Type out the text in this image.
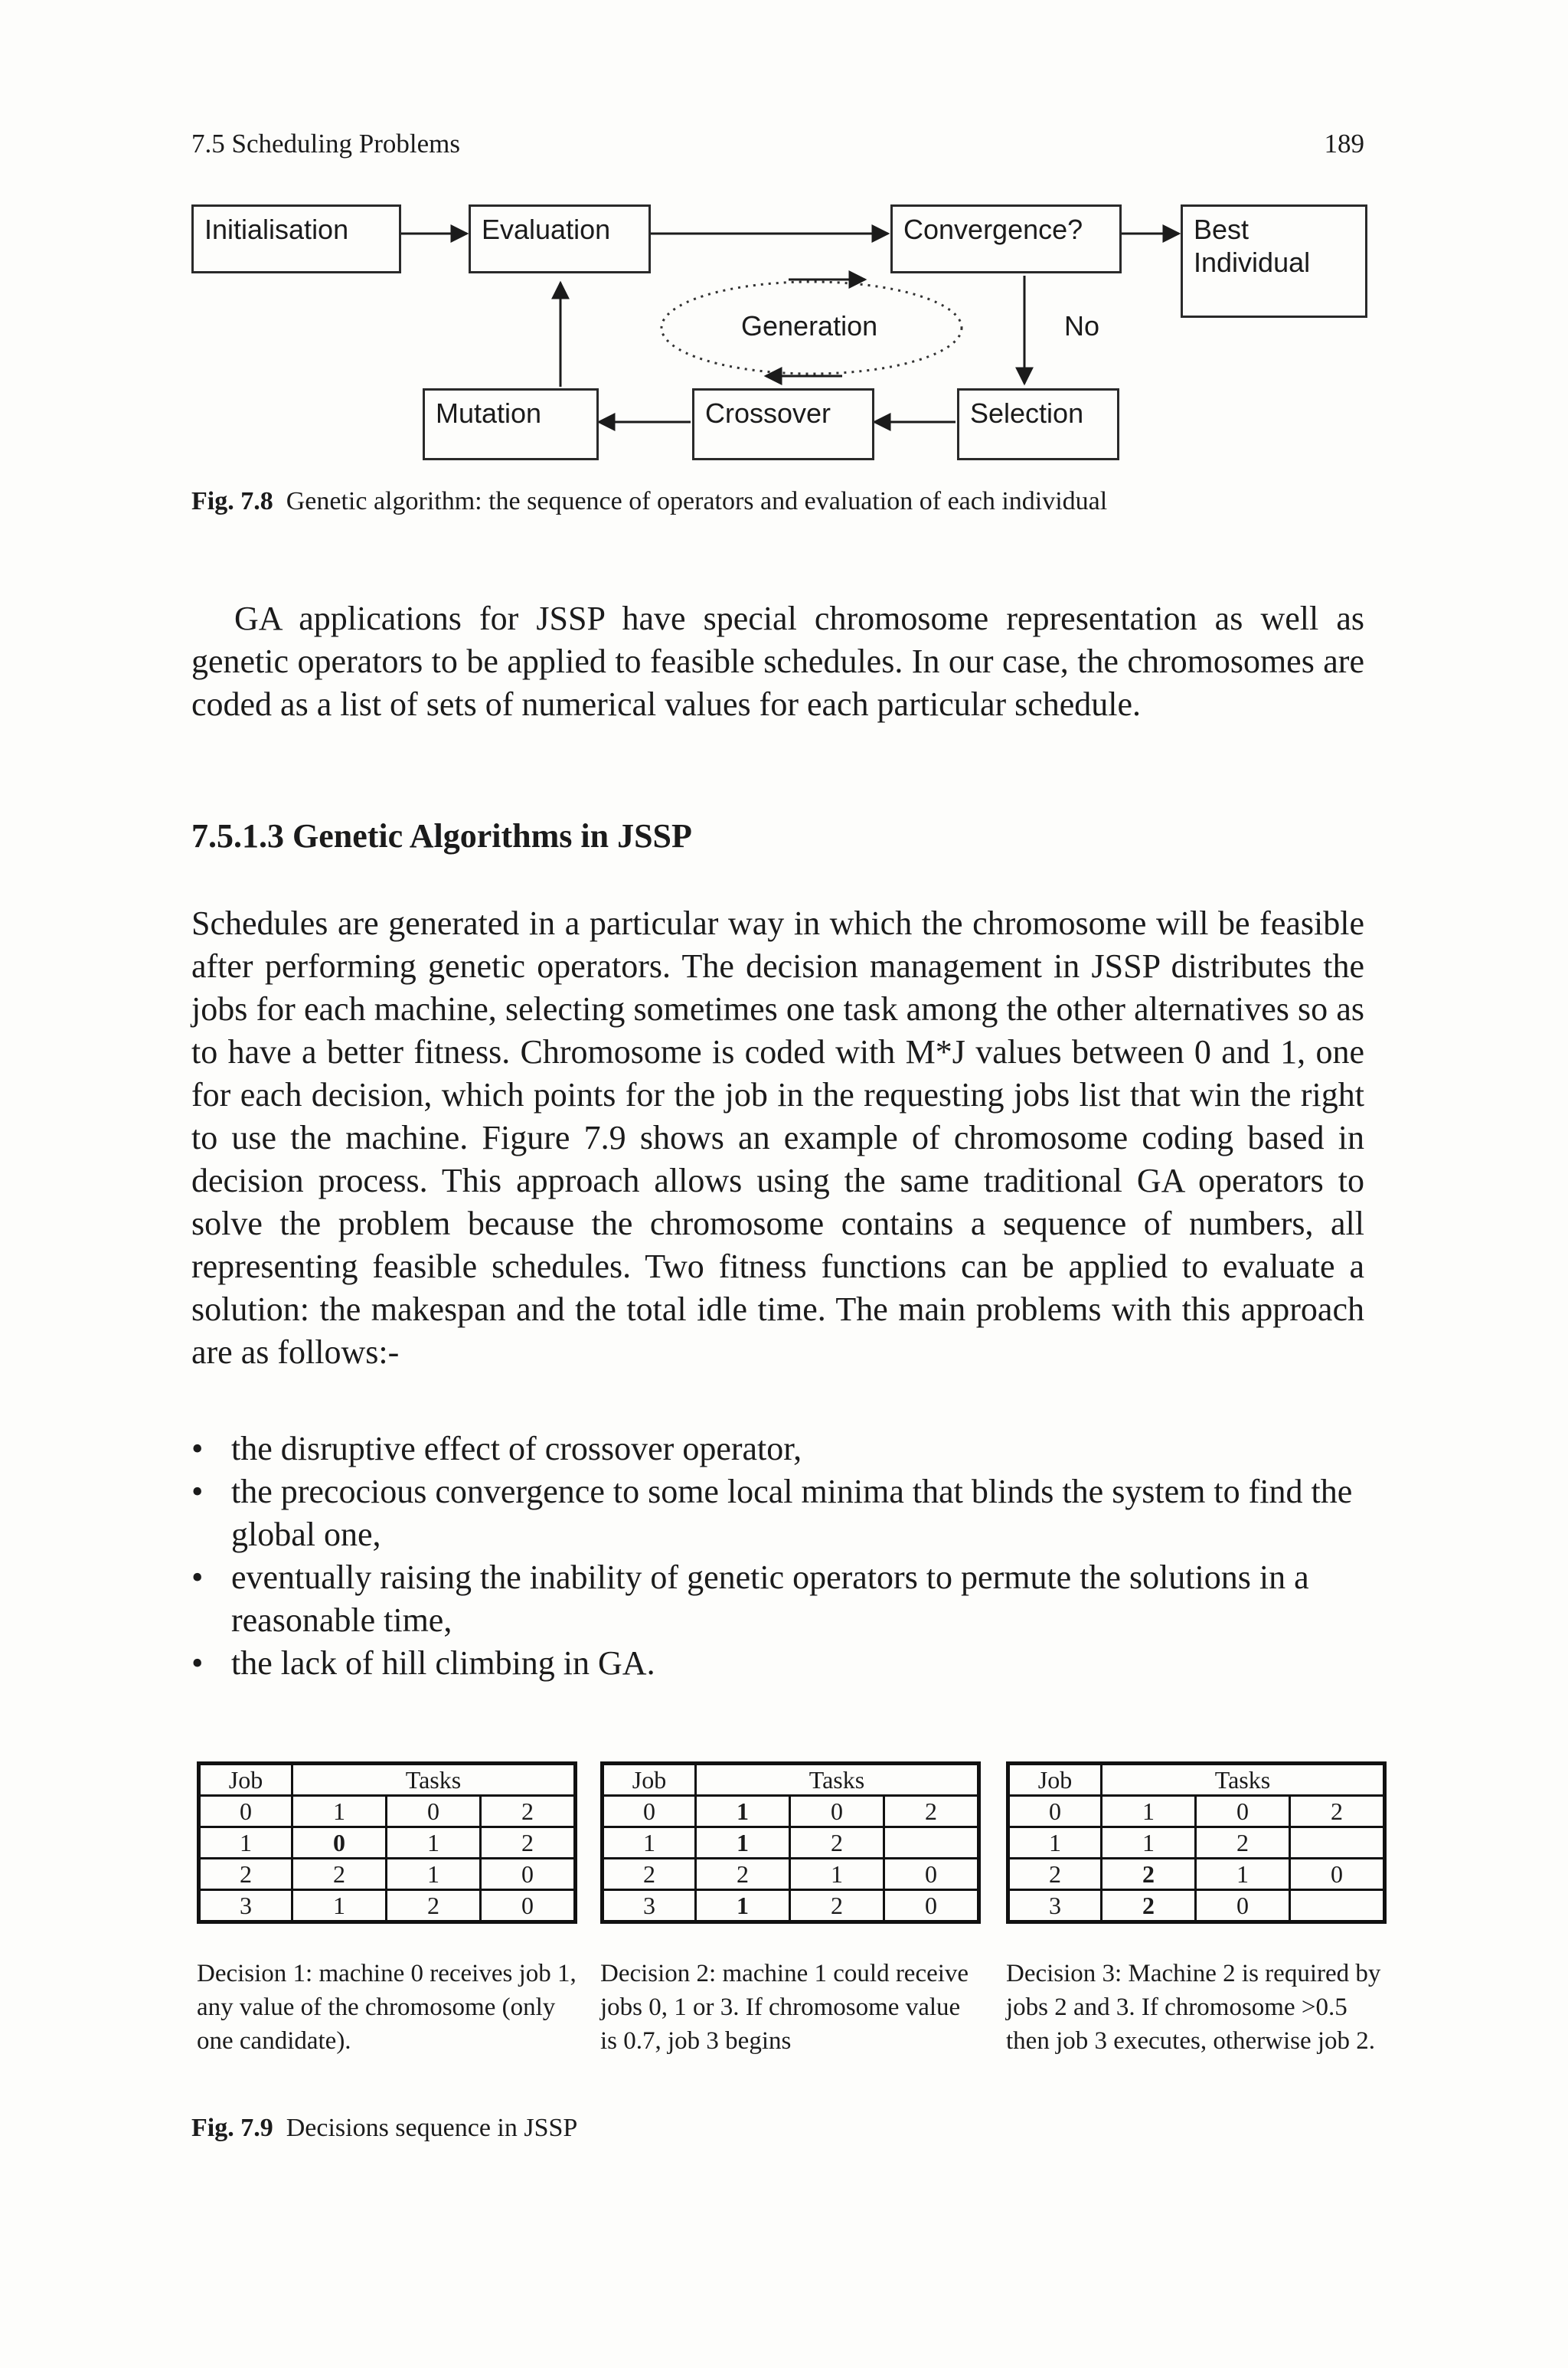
7.5 Scheduling Problems	189
Initialisation	Evaluation	Convergence?	Best Individual
Generation	No
Mutation	Crossover	Selection
Fig. 7.8 Genetic algorithm: the sequence of operators and evaluation of each individual
GA applications for JSSP have special chromosome representation as well as genetic operators to be applied to feasible schedules. In our case, the chromosomes are coded as a list of sets of numerical values for each particular schedule.
7.5.1.3 Genetic Algorithms in JSSP
Schedules are generated in a particular way in which the chromosome will be feasible after performing genetic operators. The decision management in JSSP distributes the jobs for each machine, selecting sometimes one task among the other alternatives so as to have a better fitness. Chromosome is coded with M*J values between 0 and 1, one for each decision, which points for the job in the requesting jobs list that win the right to use the machine. Figure 7.9 shows an example of chromosome coding based in decision process. This approach allows using the same traditional GA operators to solve the problem because the chromosome contains a sequence of numbers, all representing feasible schedules. Two fitness functions can be applied to evaluate a solution: the makespan and the total idle time. The main problems with this approach are as follows:-
• the disruptive effect of crossover operator,
• the precocious convergence to some local minima that blinds the system to find the global one,
• eventually raising the inability of genetic operators to permute the solutions in a reasonable time,
• the lack of hill climbing in GA.
Job	Tasks		
0	1	0	2
1	0	1	2
2	2	1	0
3	1	2	0
Job	Tasks		
0	1	0	2
1	1	2	
2	2	1	0
3	1	2	0
Job	Tasks		
0	1	0	2
1	1	2	
2	2	1	0
3	2	0	
Decision 1: machine 0 receives job 1, any value of the chromosome (only one candidate).
Decision 2: machine 1 could receive jobs 0, 1 or 3. If chromosome value is 0.7, job 3 begins
Decision 3: Machine 2 is required by jobs 2 and 3. If chromosome >0.5 then job 3 executes, otherwise job 2.
Fig. 7.9 Decisions sequence in JSSP
